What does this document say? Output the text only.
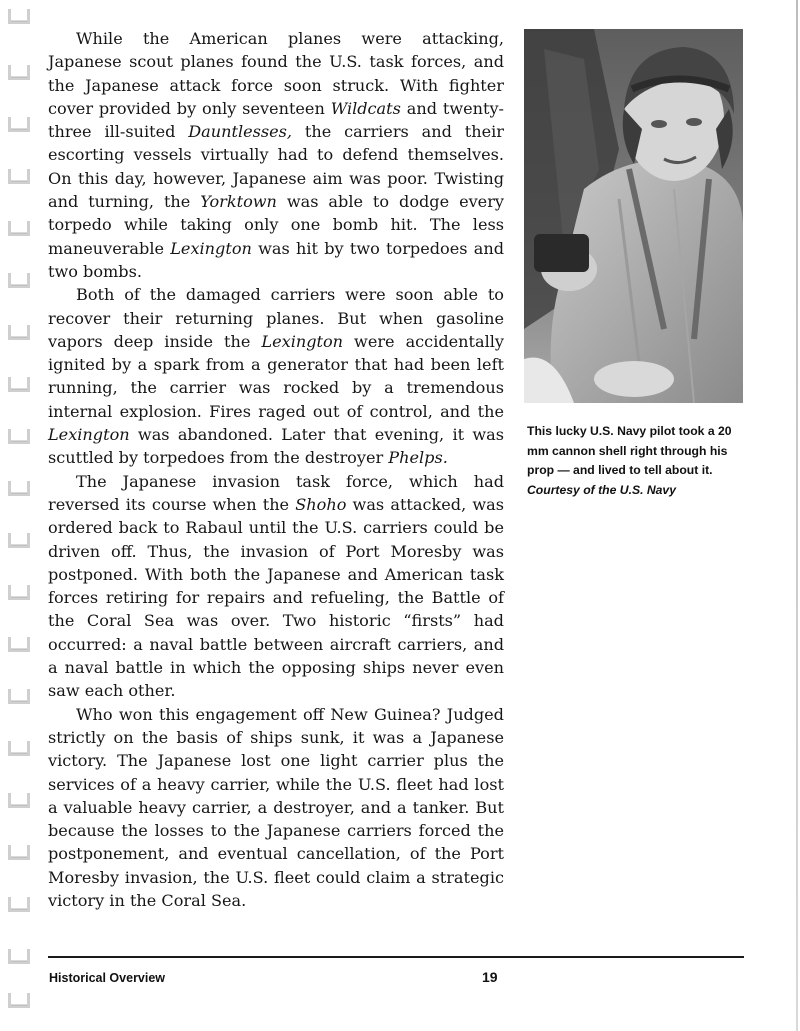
While the American planes were attacking, Japanese scout planes found the U.S. task forces, and the Japanese attack force soon struck. With fighter cover provided by only seventeen Wildcats and twenty-three ill-suited Dauntlesses, the carriers and their escorting vessels virtually had to defend themselves. On this day, however, Japanese aim was poor. Twisting and turning, the Yorktown was able to dodge every torpedo while taking only one bomb hit. The less maneuverable Lexington was hit by two torpedoes and two bombs.

Both of the damaged carriers were soon able to recover their returning planes. But when gasoline vapors deep inside the Lexington were accidentally ignited by a spark from a generator that had been left running, the carrier was rocked by a tremendous internal explosion. Fires raged out of control, and the Lexington was abandoned. Later that evening, it was scuttled by torpedoes from the destroyer Phelps.

The Japanese invasion task force, which had reversed its course when the Shoho was attacked, was ordered back to Rabaul until the U.S. carriers could be driven off. Thus, the invasion of Port Moresby was postponed. With both the Japanese and American task forces retiring for repairs and refueling, the Battle of the Coral Sea was over. Two historic “firsts” had occurred: a naval battle between aircraft carriers, and a naval battle in which the opposing ships never even saw each other.

Who won this engagement off New Guinea? Judged strictly on the basis of ships sunk, it was a Japanese victory. The Japanese lost one light carrier plus the services of a heavy carrier, while the U.S. fleet had lost a valuable heavy carrier, a destroyer, and a tanker. But because the losses to the Japanese carriers forced the postponement, and eventual cancellation, of the Port Moresby invasion, the U.S. fleet could claim a strategic victory in the Coral Sea.

This lucky U.S. Navy pilot took a 20 mm cannon shell right through his prop — and lived to tell about it. Courtesy of the U.S. Navy
Historical Overview	19
